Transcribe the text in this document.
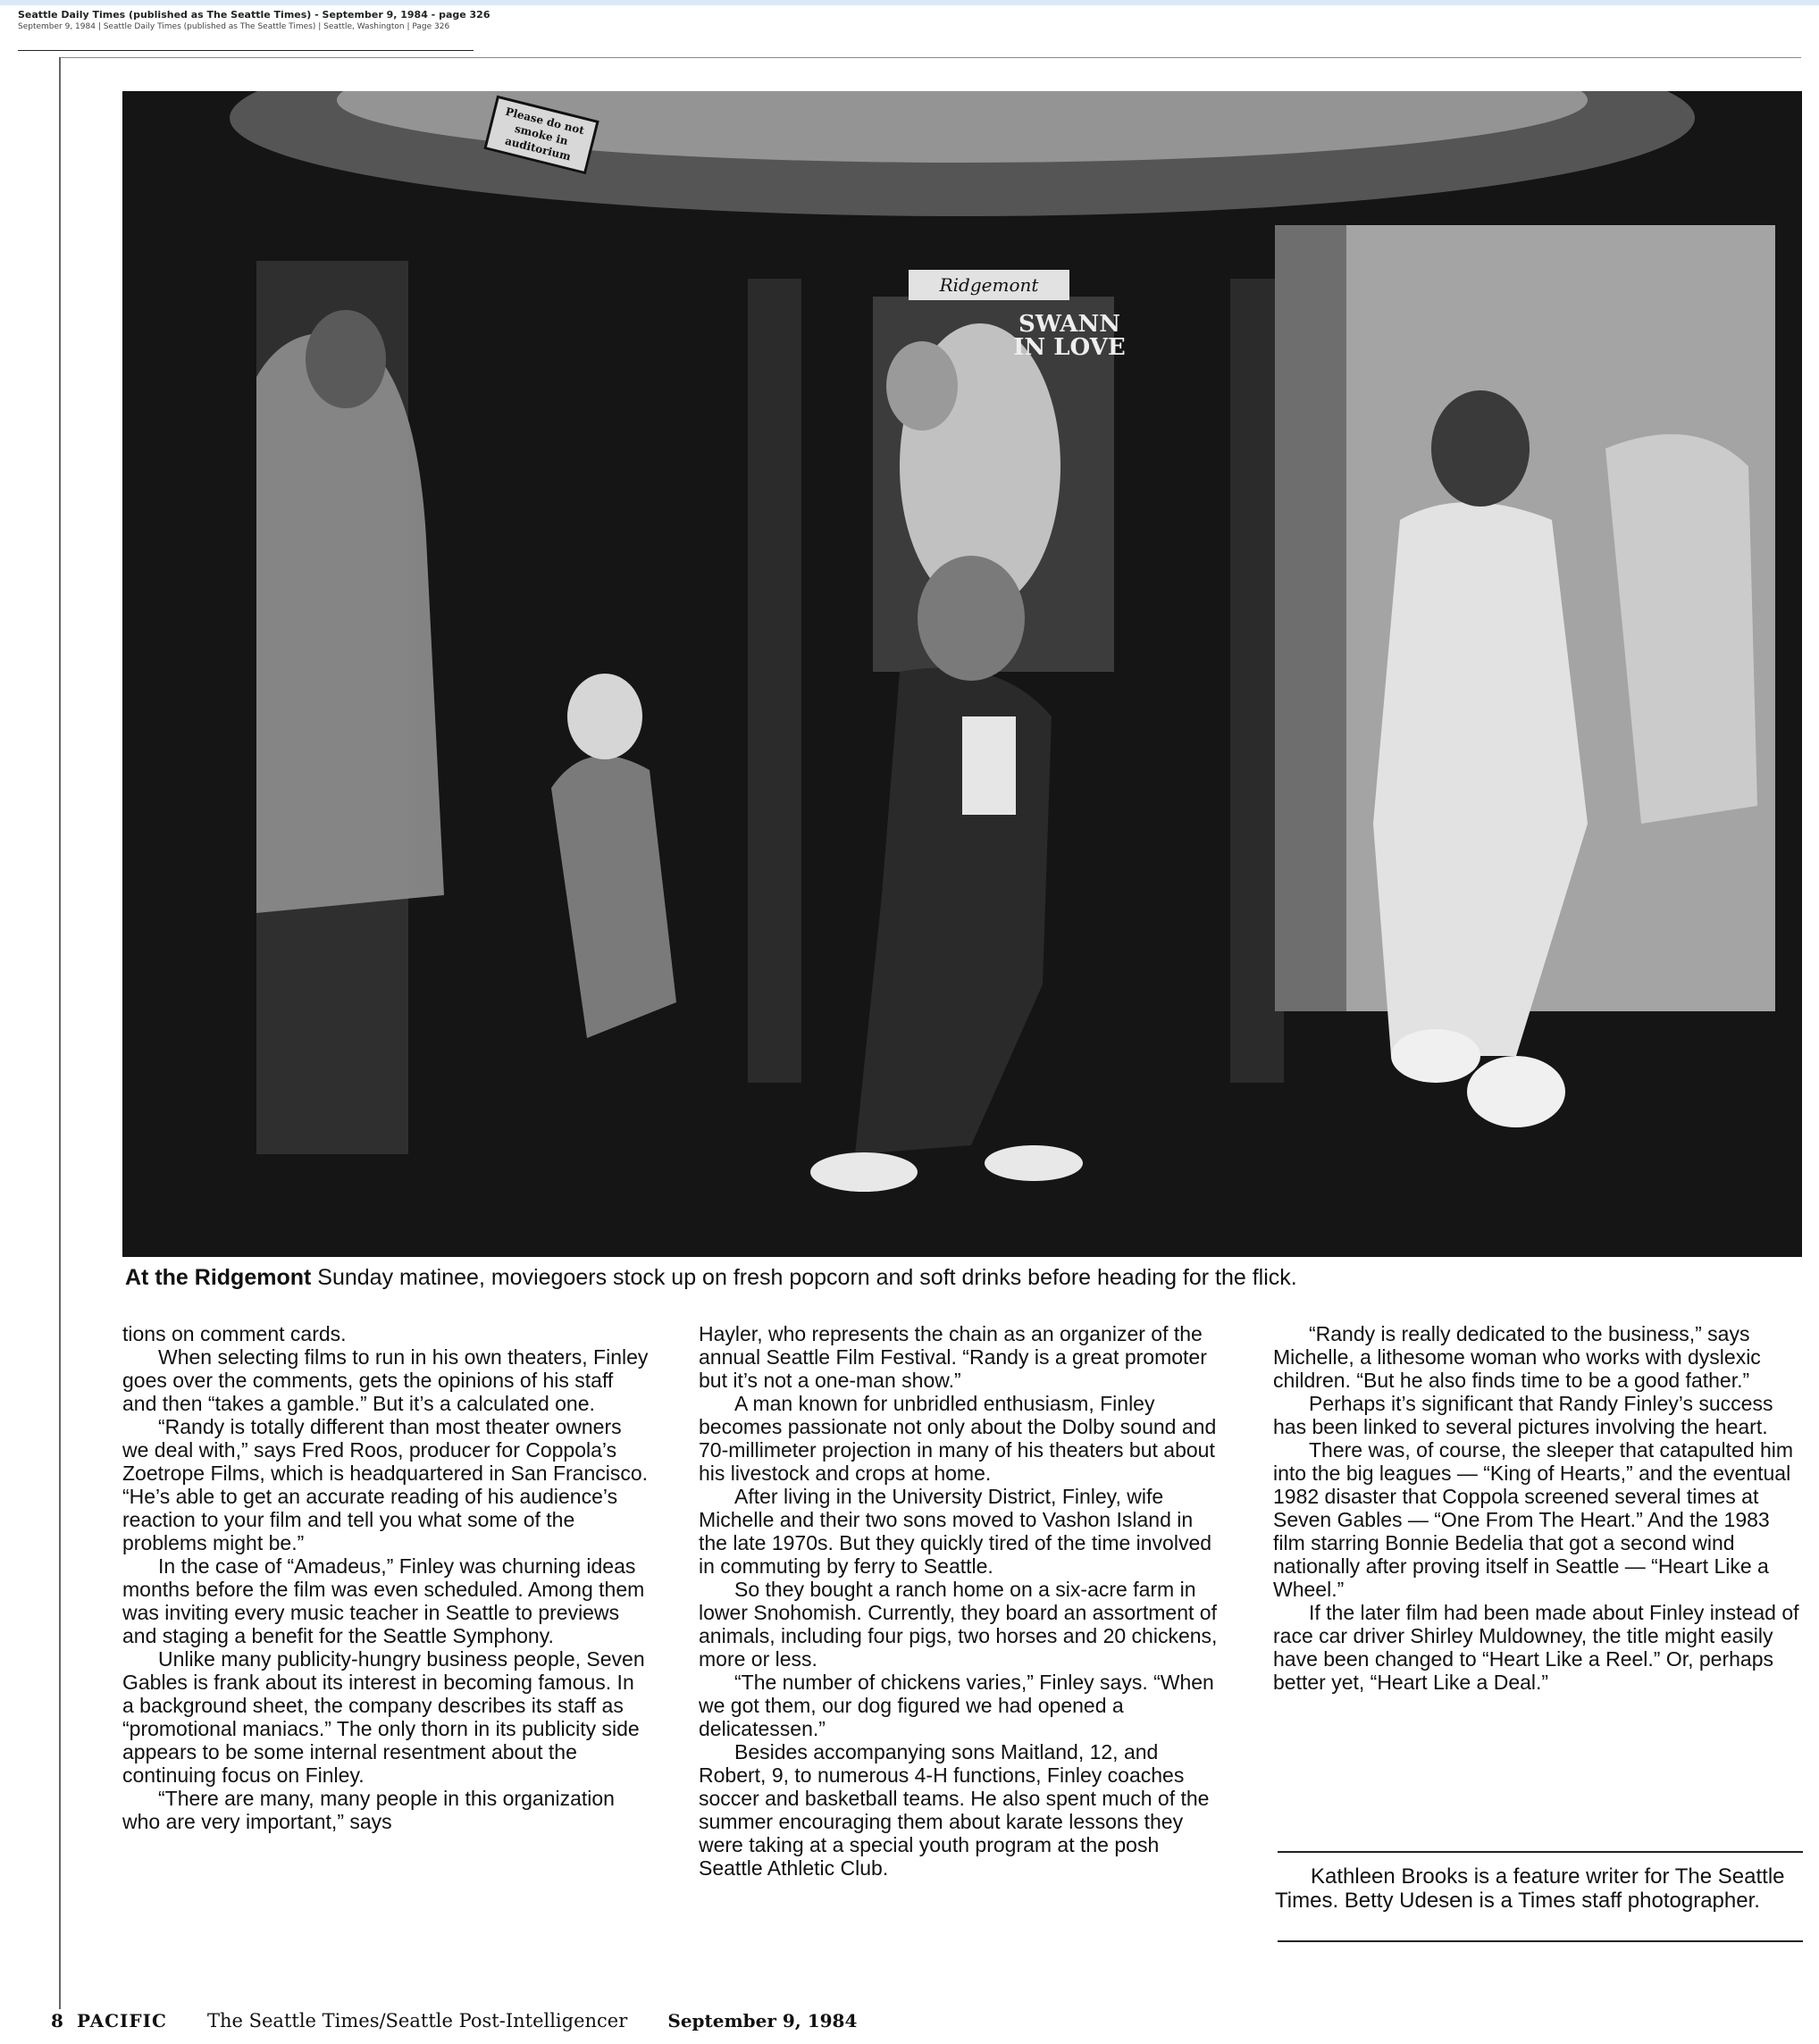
Seattle Daily Times (published as The Seattle Times) - September 9, 1984 - page 326
September 9, 1984 | Seattle Daily Times (published as The Seattle Times) | Seattle, Washington | Page 326
Please do not smoke in auditorium
Ridgemont
SWANN IN LOVE
At the Ridgemont Sunday matinee, moviegoers stock up on fresh popcorn and soft drinks before heading for the flick.

tions on comment cards.

When selecting films to run in his own theaters, Finley goes over the comments, gets the opinions of his staff and then “takes a gamble.” But it’s a calculated one.

“Randy is totally different than most theater owners we deal with,” says Fred Roos, producer for Coppola’s Zoetrope Films, which is headquartered in San Francisco. “He’s able to get an accurate reading of his audience’s reaction to your film and tell you what some of the problems might be.”

In the case of “Amadeus,” Finley was churning ideas months before the film was even scheduled. Among them was inviting every music teacher in Seattle to previews and staging a benefit for the Seattle Symphony.

Unlike many publicity-hungry business people, Seven Gables is frank about its interest in becoming famous. In a background sheet, the company describes its staff as “promotional maniacs.” The only thorn in its publicity side appears to be some internal resentment about the continuing focus on Finley.

“There are many, many people in this organization who are very important,” says

Hayler, who represents the chain as an organizer of the annual Seattle Film Festival. “Randy is a great promoter but it’s not a one-man show.”

A man known for unbridled enthusiasm, Finley becomes passionate not only about the Dolby sound and 70-millimeter projection in many of his theaters but about his livestock and crops at home.

After living in the University District, Finley, wife Michelle and their two sons moved to Vashon Island in the late 1970s. But they quickly tired of the time involved in commuting by ferry to Seattle.

So they bought a ranch home on a six-acre farm in lower Snohomish. Currently, they board an assortment of animals, including four pigs, two horses and 20 chickens, more or less.

“The number of chickens varies,” Finley says. “When we got them, our dog figured we had opened a delicatessen.”

Besides accompanying sons Maitland, 12, and Robert, 9, to numerous 4-H functions, Finley coaches soccer and basketball teams. He also spent much of the summer encouraging them about karate lessons they were taking at a special youth program at the posh Seattle Athletic Club.

“Randy is really dedicated to the business,” says Michelle, a lithesome woman who works with dyslexic children. “But he also finds time to be a good father.”

Perhaps it’s significant that Randy Finley’s success has been linked to several pictures involving the heart.

There was, of course, the sleeper that catapulted him into the big leagues — “King of Hearts,” and the eventual 1982 disaster that Coppola screened several times at Seven Gables — “One From The Heart.” And the 1983 film starring Bonnie Bedelia that got a second wind nationally after proving itself in Seattle — “Heart Like a Wheel.”

If the later film had been made about Finley instead of race car driver Shirley Muldowney, the title might easily have been changed to “Heart Like a Reel.” Or, perhaps better yet, “Heart Like a Deal.”

Kathleen Brooks is a feature writer for The Seattle Times. Betty Udesen is a Times staff photographer.
8 PACIFIC The Seattle Times/Seattle Post-Intelligencer September 9, 1984
